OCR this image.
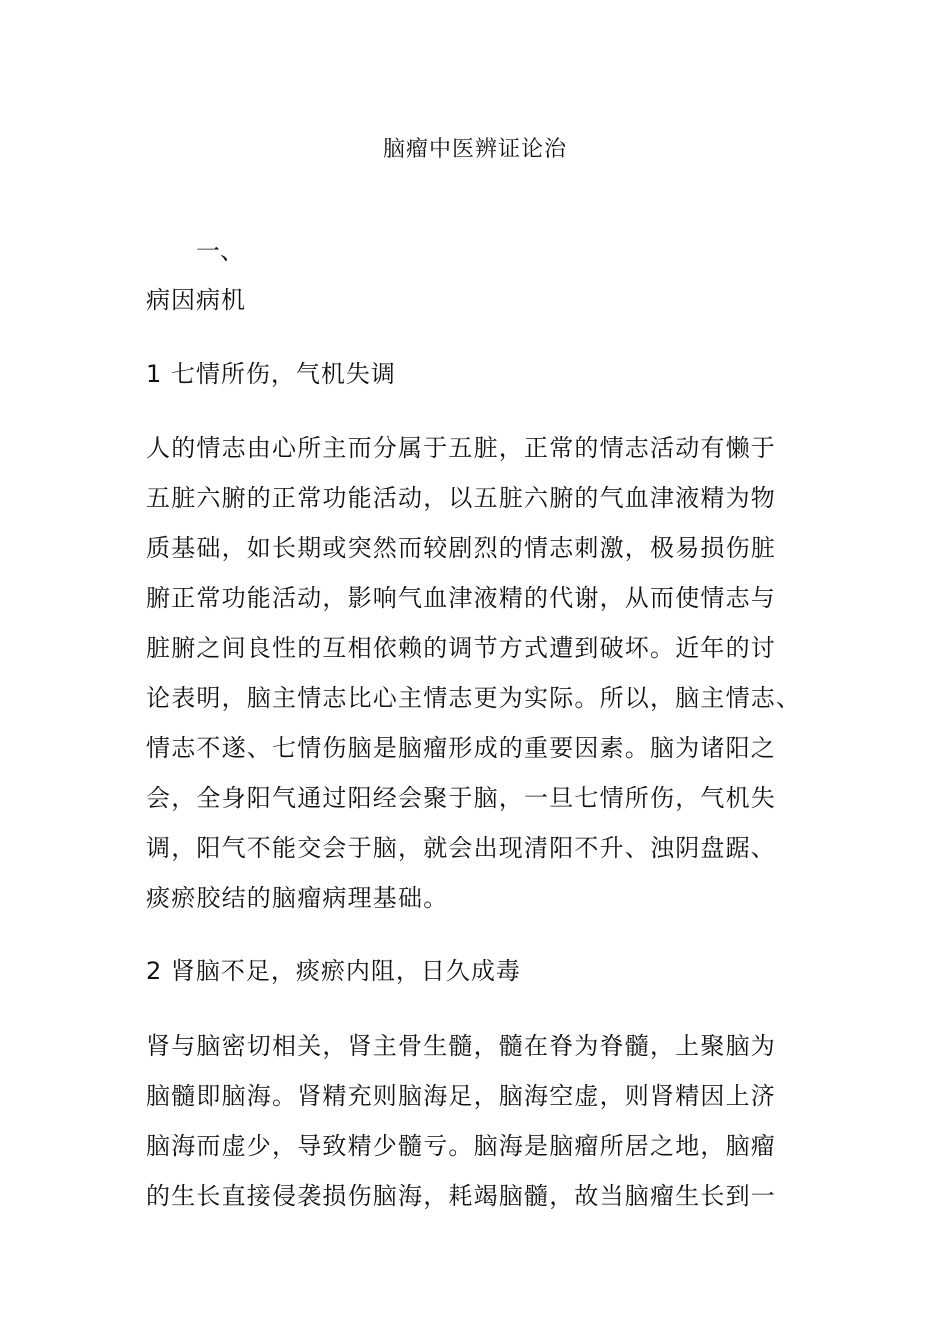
脑瘤中医辨证论治
一、
病因病机
1 七情所伤，气机失调

人的情志由心所主而分属于五脏，正常的情志活动有懒于
五脏六腑的正常功能活动，以五脏六腑的气血津液精为物
质基础，如长期或突然而较剧烈的情志刺激，极易损伤脏
腑正常功能活动，影响气血津液精的代谢，从而使情志与
脏腑之间良性的互相依赖的调节方式遭到破坏。近年的讨
论表明，脑主情志比心主情志更为实际。所以，脑主情志、
情志不遂、七情伤脑是脑瘤形成的重要因素。脑为诸阳之
会，全身阳气通过阳经会聚于脑，一旦七情所伤，气机失
调，阳气不能交会于脑，就会出现清阳不升、浊阴盘踞、
痰瘀胶结的脑瘤病理基础。

2 肾脑不足，痰瘀内阻，日久成毒

肾与脑密切相关，肾主骨生髓，髓在脊为脊髓，上聚脑为
脑髓即脑海。肾精充则脑海足，脑海空虚，则肾精因上济
脑海而虚少，导致精少髓亏。脑海是脑瘤所居之地，脑瘤
的生长直接侵袭损伤脑海，耗竭脑髓，故当脑瘤生长到一
